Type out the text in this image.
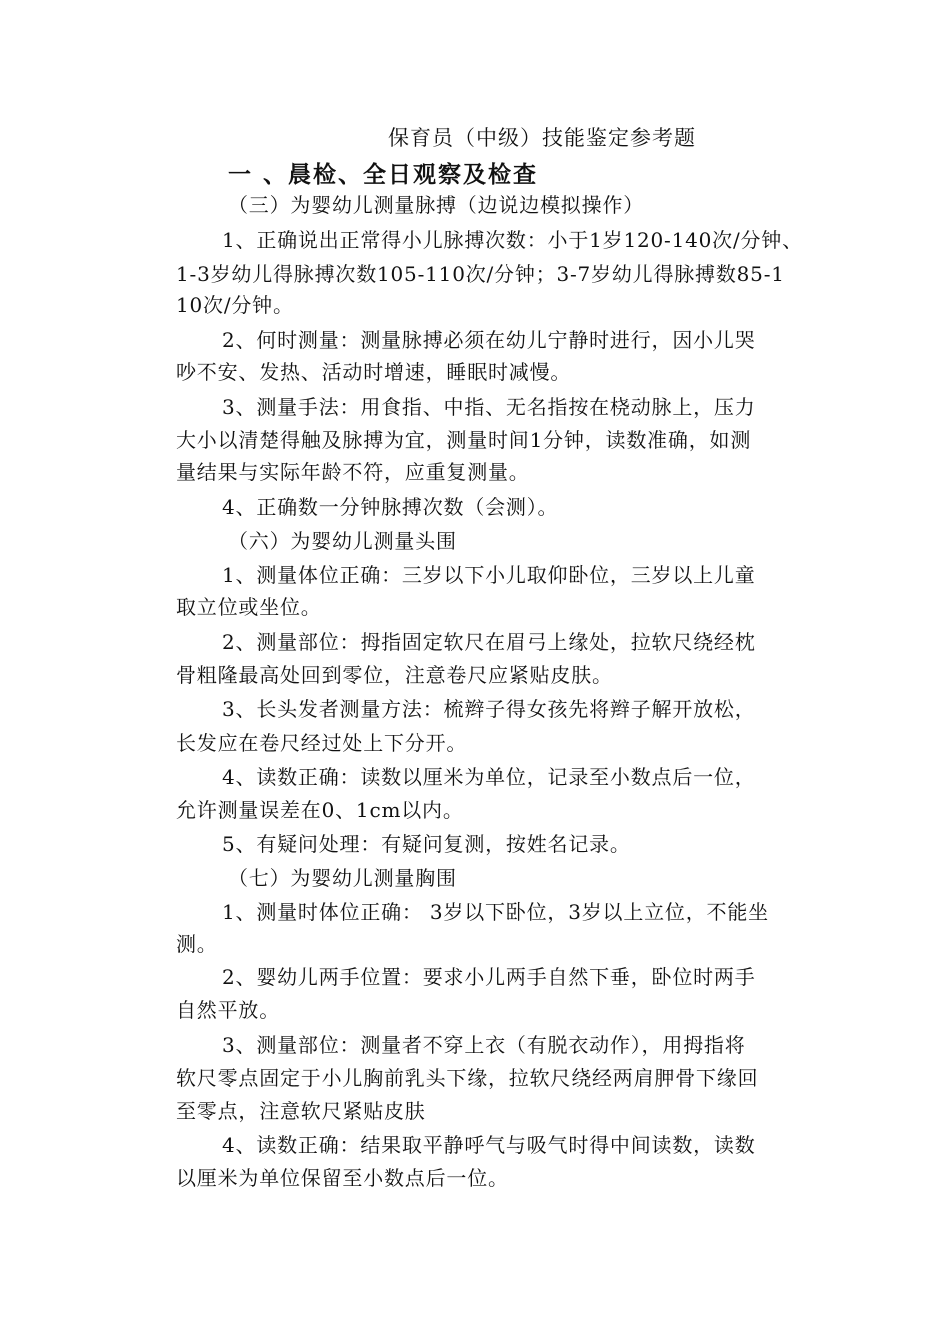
保育员（中级）技能鉴定参考题
一 、晨检、全日观察及检查
（三）为婴幼儿测量脉搏（边说边模拟操作）
1、正确说出正常得小儿脉搏次数：小于1岁120-140次/分钟、
1-3岁幼儿得脉搏次数105-110次/分钟；3-7岁幼儿得脉搏数85-1
10次/分钟。
2、何时测量：测量脉搏必须在幼儿宁静时进行，因小儿哭
吵不安、发热、活动时增速，睡眠时减慢。
3、测量手法：用食指、中指、无名指按在桡动脉上，压力
大小以清楚得触及脉搏为宜，测量时间1分钟，读数准确，如测
量结果与实际年龄不符，应重复测量。
4、正确数一分钟脉搏次数（会测）。
（六）为婴幼儿测量头围
1、测量体位正确：三岁以下小儿取仰卧位，三岁以上儿童
取立位或坐位。
2、测量部位：拇指固定软尺在眉弓上缘处，拉软尺绕经枕
骨粗隆最高处回到零位，注意卷尺应紧贴皮肤。
3、长头发者测量方法：梳辫子得女孩先将辫子解开放松，
长发应在卷尺经过处上下分开。
4、读数正确：读数以厘米为单位，记录至小数点后一位，
允许测量误差在0、1cm以内。
5、有疑问处理：有疑问复测，按姓名记录。
（七）为婴幼儿测量胸围
1、测量时体位正确： 3岁以下卧位，3岁以上立位，不能坐
测。
2、婴幼儿两手位置：要求小儿两手自然下垂，卧位时两手
自然平放。
3、测量部位：测量者不穿上衣（有脱衣动作），用拇指将
软尺零点固定于小儿胸前乳头下缘，拉软尺绕经两肩胛骨下缘回
至零点，注意软尺紧贴皮肤
4、读数正确：结果取平静呼气与吸气时得中间读数，读数
以厘米为单位保留至小数点后一位。
